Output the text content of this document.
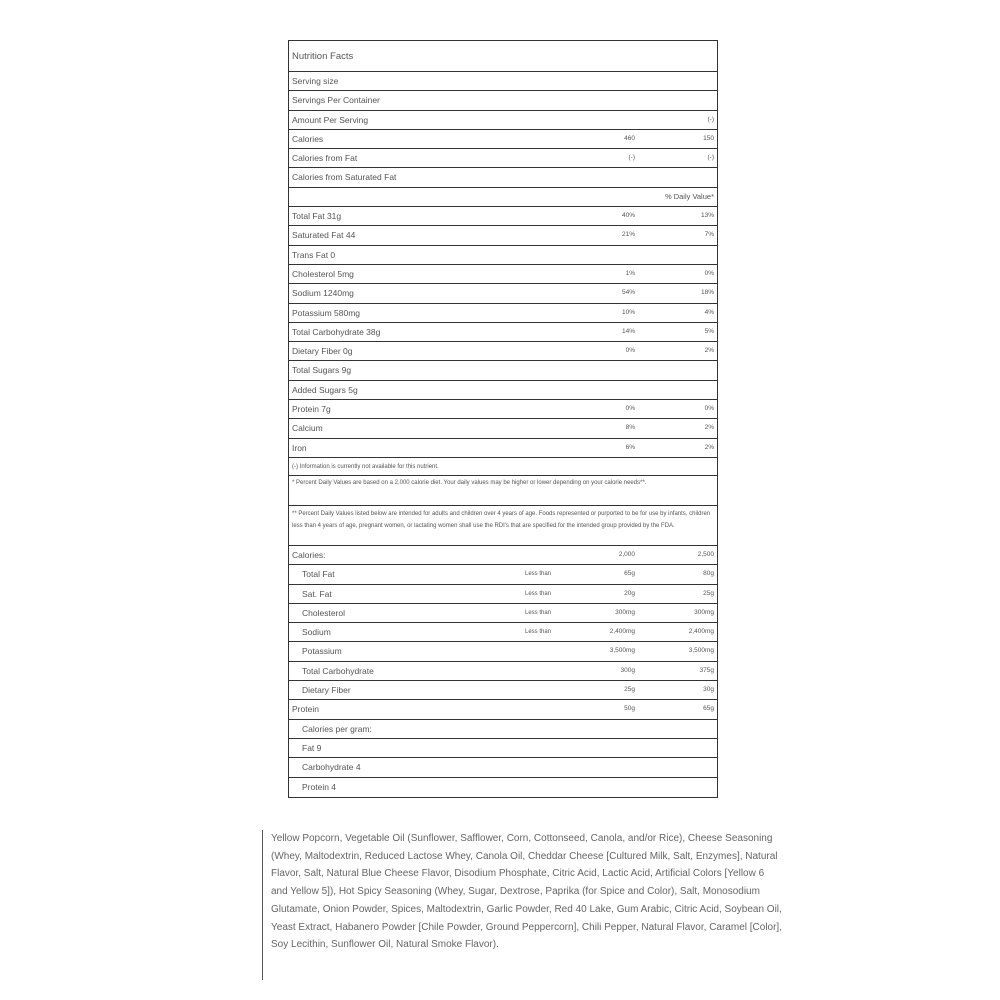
Nutrition Facts
Serving size
Servings Per Container
Amount Per Serving	(-)
Calories	460	150
Calories from Fat	(-)	(-)
Calories from Saturated Fat
% Daily Value*
Total Fat 31g	40%	13%
Saturated Fat 44	21%	7%
Trans Fat 0
Cholesterol 5mg	1%	0%
Sodium 1240mg	54%	18%
Potassium 580mg	10%	4%
Total Carbohydrate 38g	14%	5%
Dietary Fiber 0g	0%	2%
Total Sugars 9g
Added Sugars 5g
Protein 7g	0%	0%
Calcium	8%	2%
Iron	6%	2%
(-) Information is currently not available for this nutrient.
* Percent Daily Values are based on a 2,000 calorie diet. Your daily values may be higher or lower depending on your calorie needs**.
** Percent Daily Values listed below are intended for adults and children over 4 years of age. Foods represented or purported to be for use by infants, children less than 4 years of age, pregnant women, or lactating women shall use the RDI's that are specified for the intended group provided by the FDA.
Calories:	2,000	2,500
Total Fat	Less than	65g	80g
Sat. Fat	Less than	20g	25g
Cholesterol	Less than	300mg	300mg
Sodium	Less than	2,400mg	2,400mg
Potassium	3,500mg	3,500mg
Total Carbohydrate	300g	375g
Dietary Fiber	25g	30g
Protein	50g	65g
Calories per gram:
Fat 9
Carbohydrate 4
Protein 4
Yellow Popcorn, Vegetable Oil (Sunflower, Safflower, Corn, Cottonseed, Canola, and/or Rice), Cheese Seasoning (Whey, Maltodextrin, Reduced Lactose Whey, Canola Oil, Cheddar Cheese [Cultured Milk, Salt, Enzymes], Natural Flavor, Salt, Natural Blue Cheese Flavor, Disodium Phosphate, Citric Acid, Lactic Acid, Artificial Colors [Yellow 6 and Yellow 5]), Hot Spicy Seasoning (Whey, Sugar, Dextrose, Paprika (for Spice and Color), Salt, Monosodium Glutamate, Onion Powder, Spices, Maltodextrin, Garlic Powder, Red 40 Lake, Gum Arabic, Citric Acid, Soybean Oil, Yeast Extract, Habanero Powder [Chile Powder, Ground Peppercorn], Chili Pepper, Natural Flavor, Caramel [Color], Soy Lecithin, Sunflower Oil, Natural Smoke Flavor).
